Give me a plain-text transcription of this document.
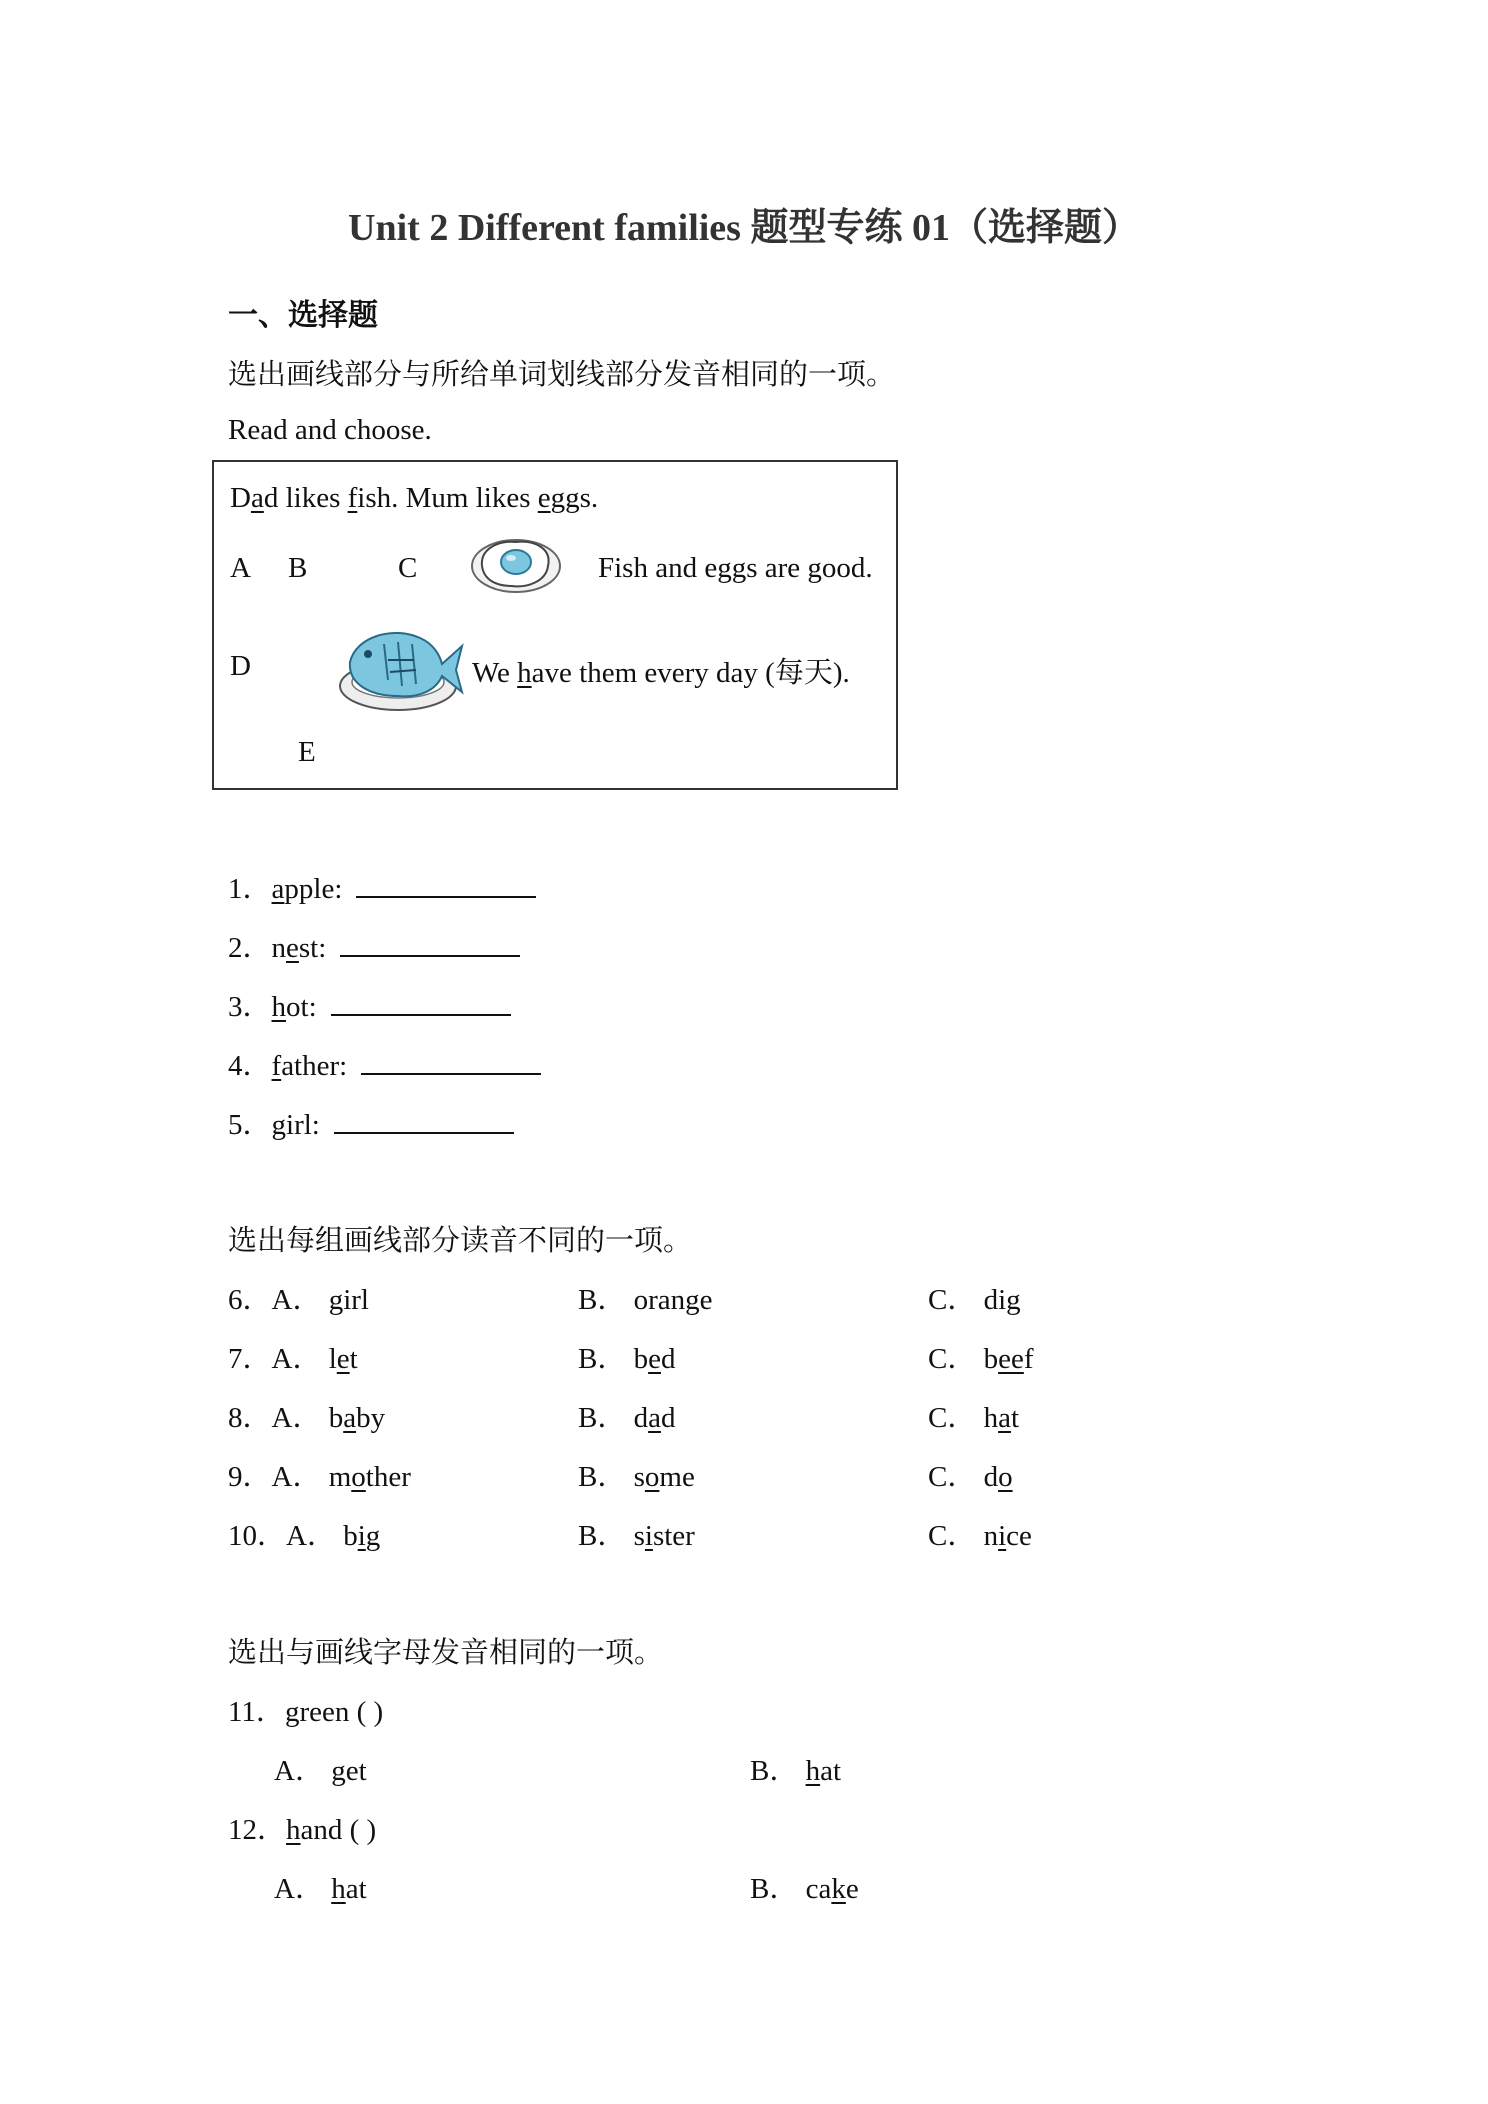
Unit 2 Different families 题型专练 01（选择题）
一、选择题
选出画线部分与所给单词划线部分发音相同的一项。
Read and choose.
Dad likes fish. Mum likes eggs.
A B	C	Fish and eggs are good.
D	We have them every day (每天).
E
1．apple:
2．nest:
3．hot:
4．father:
5．girl:
选出每组画线部分读音不同的一项。
6．A． girl	B． orange	C． dig
7．A． let	B． bed	C． beef
8．A． baby	B． dad	C． hat
9．A． mother	B． some	C． do
10．A． big	B． sister	C． nice
选出与画线字母发音相同的一项。
11．green ( )
A． get	B． hat
12．hand ( )
A． hat	B． cake
